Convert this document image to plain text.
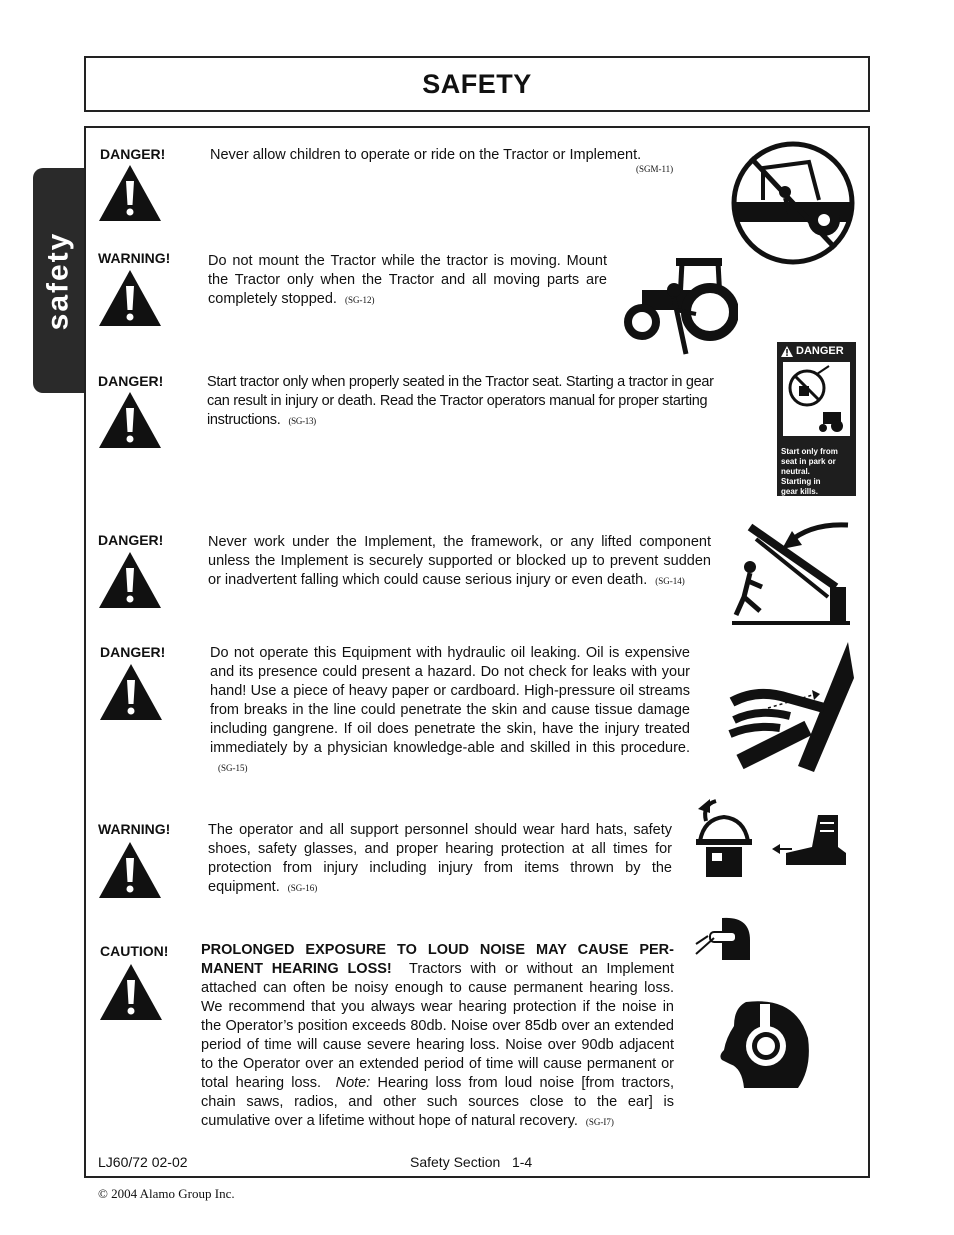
SAFETY
safety
DANGER!	Never allow children to operate or ride on the Tractor or Implement.
(SGM-11)
WARNING!	Do not mount the Tractor while the tractor is moving. Mount the Tractor only when the Tractor and all moving parts are completely stopped. (SG-12)
DANGER!	Start tractor only when properly seated in the Tractor seat. Starting a tractor in gear can result in injury or death. Read the Tractor operators manual for proper starting instructions. (SG-13)
DANGER
Start only from
seat in park or
neutral.
Starting in
gear kills.
DANGER!	Never work under the Implement, the framework, or any lifted component unless the Implement is securely supported or blocked up to prevent sudden or inadvertent falling which could cause serious injury or even death. (SG-14)
DANGER!	Do not operate this Equipment with hydraulic oil leaking. Oil is expensive and its presence could present a hazard. Do not check for leaks with your hand! Use a piece of heavy paper or cardboard. High-pressure oil streams from breaks in the line could penetrate the skin and cause tissue damage including gangrene. If oil does penetrate the skin, have the injury treated immediately by a physician knowledge-able and skilled in this procedure.(SG-15)
WARNING!	The operator and all support personnel should wear hard hats, safety shoes, safety glasses, and proper hearing protection at all times for protection from injury including injury from items thrown by the equipment. (SG-16)
CAUTION! PROLONGED EXPOSURE TO LOUD NOISE MAY CAUSE PER-MANENT HEARING LOSS! Tractors with or without an Implement attached can often be noisy enough to cause permanent hearing loss. We recommend that you always wear hearing protection if the noise in the Operator’s position exceeds 80db. Noise over 85db over an extended period of time will cause severe hearing loss. Noise over 90db adjacent to the Operator over an extended period of time will cause permanent or total hearing loss. Note: Hearing loss from loud noise [from tractors, chain saws, radios, and other such sources close to the ear] is cumulative over a lifetime without hope of natural recovery. (SG-I7)
LJ60/72 02-02	Safety Section   1-4
© 2004 Alamo Group Inc.
